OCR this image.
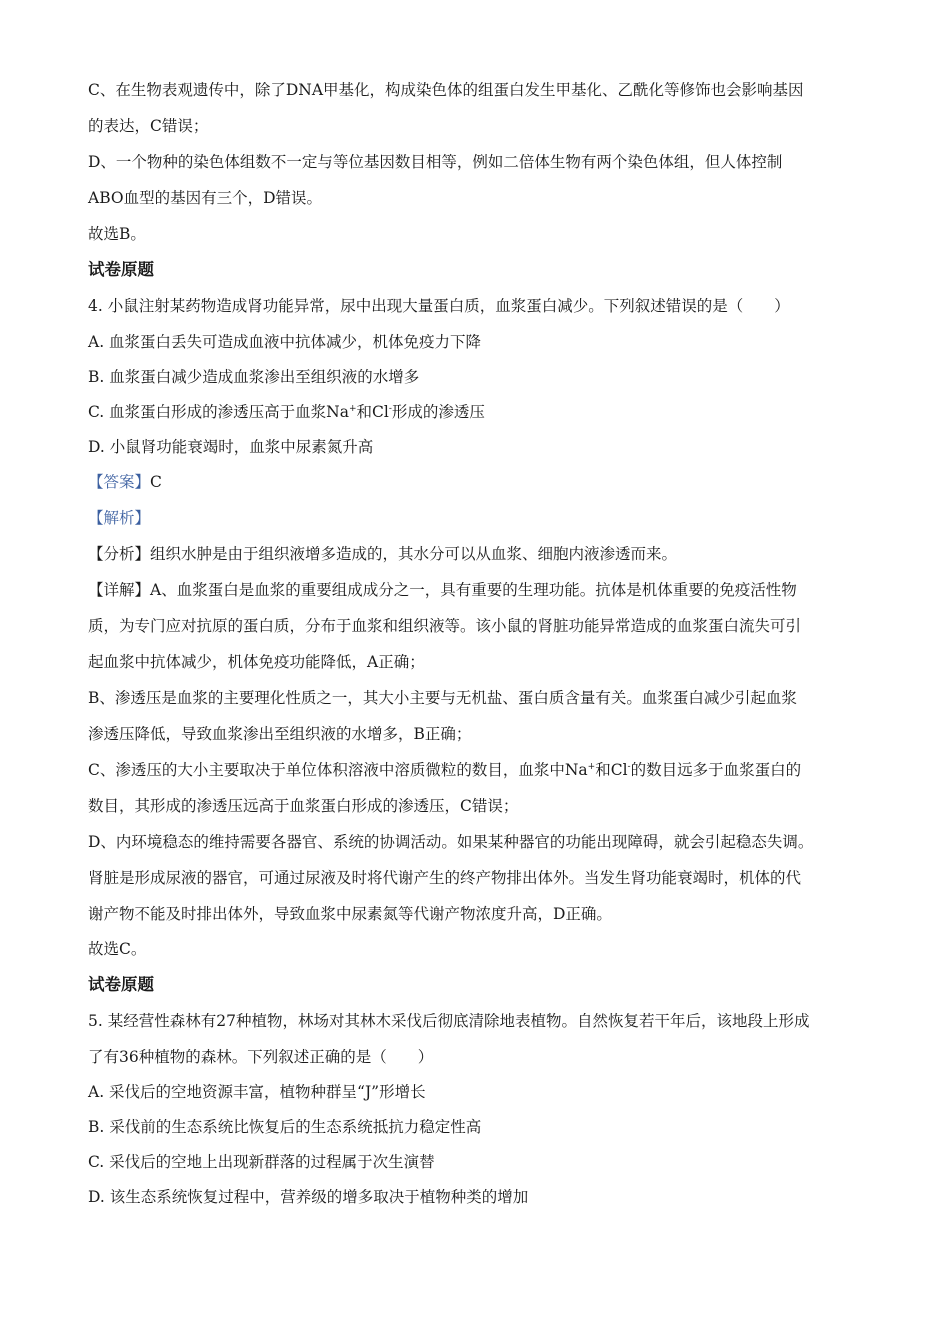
C、在生物表观遗传中，除了DNA甲基化，构成染色体的组蛋白发生甲基化、乙酰化等修饰也会影响基因
的表达，C错误；
D、一个物种的染色体组数不一定与等位基因数目相等，例如二倍体生物有两个染色体组，但人体控制
ABO血型的基因有三个，D错误。
故选B。
试卷原题
4. 小鼠注射某药物造成肾功能异常，尿中出现大量蛋白质，血浆蛋白减少。下列叙述错误的是（　　）
A. 血浆蛋白丢失可造成血液中抗体减少，机体免疫力下降
B. 血浆蛋白减少造成血浆渗出至组织液的水增多
C. 血浆蛋白形成的渗透压高于血浆Na+和Cl-形成的渗透压
D. 小鼠肾功能衰竭时，血浆中尿素氮升高
【答案】C
【解析】
【分析】组织水肿是由于组织液增多造成的，其水分可以从血浆、细胞内液渗透而来。
【详解】A、血浆蛋白是血浆的重要组成成分之一，具有重要的生理功能。抗体是机体重要的免疫活性物
质，为专门应对抗原的蛋白质，分布于血浆和组织液等。该小鼠的肾脏功能异常造成的血浆蛋白流失可引
起血浆中抗体减少，机体免疫功能降低，A正确；
B、渗透压是血浆的主要理化性质之一，其大小主要与无机盐、蛋白质含量有关。血浆蛋白减少引起血浆
渗透压降低，导致血浆渗出至组织液的水增多，B正确；
C、渗透压的大小主要取决于单位体积溶液中溶质微粒的数目，血浆中Na+和Cl-的数目远多于血浆蛋白的
数目，其形成的渗透压远高于血浆蛋白形成的渗透压，C错误；
D、内环境稳态的维持需要各器官、系统的协调活动。如果某种器官的功能出现障碍，就会引起稳态失调。
肾脏是形成尿液的器官，可通过尿液及时将代谢产生的终产物排出体外。当发生肾功能衰竭时，机体的代
谢产物不能及时排出体外，导致血浆中尿素氮等代谢产物浓度升高，D正确。
故选C。
试卷原题
5. 某经营性森林有27种植物，林场对其林木采伐后彻底清除地表植物。自然恢复若干年后，该地段上形成
了有36种植物的森林。下列叙述正确的是（　　）
A. 采伐后的空地资源丰富，植物种群呈“J”形增长
B. 采伐前的生态系统比恢复后的生态系统抵抗力稳定性高
C. 采伐后的空地上出现新群落的过程属于次生演替
D. 该生态系统恢复过程中，营养级的增多取决于植物种类的增加
